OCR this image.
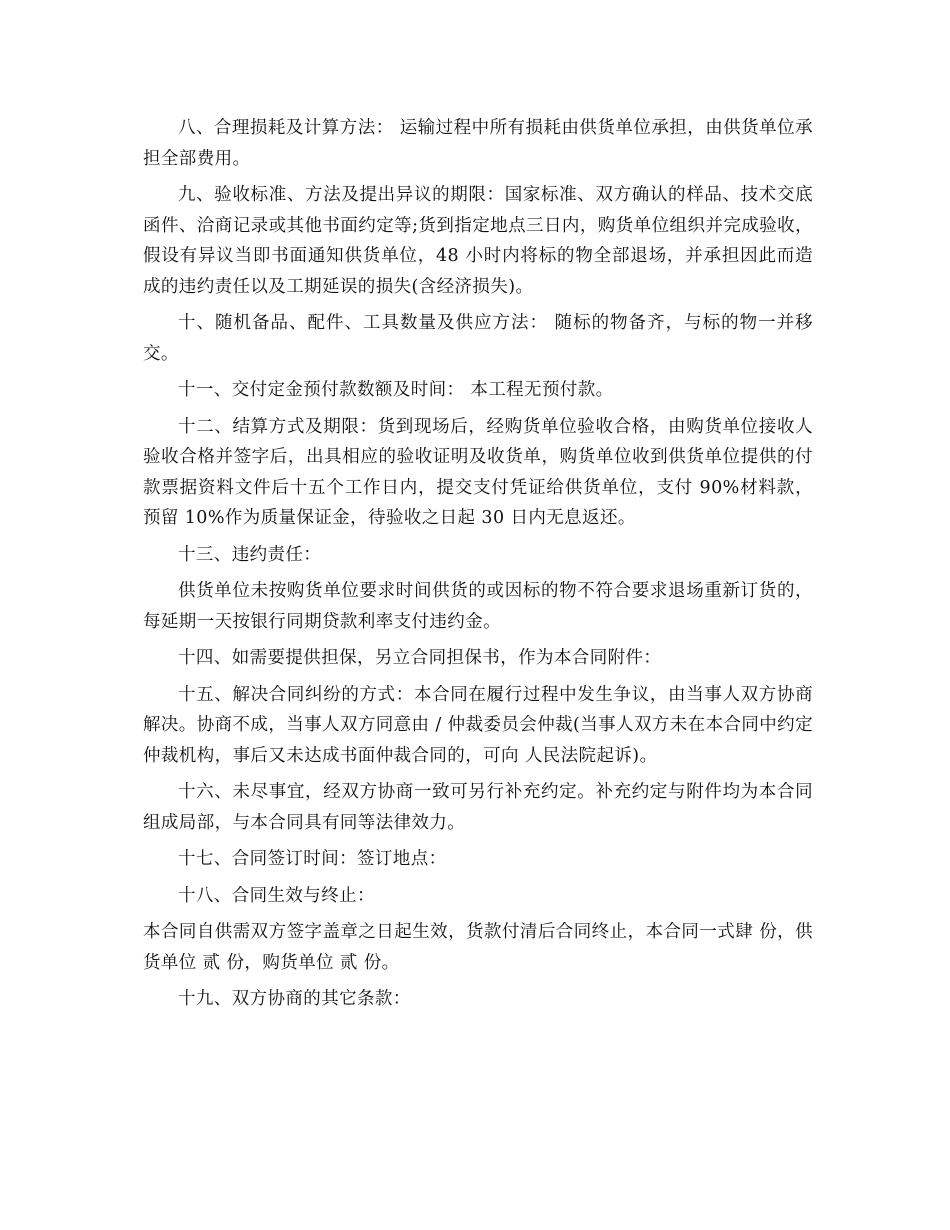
八、合理损耗及计算方法： 运输过程中所有损耗由供货单位承担，由供货单位承担全部费用。

九、验收标准、方法及提出异议的期限：国家标准、双方确认的样品、技术交底函件、洽商记录或其他书面约定等;货到指定地点三日内，购货单位组织并完成验收，假设有异议当即书面通知供货单位，48 小时内将标的物全部退场，并承担因此而造成的违约责任以及工期延误的损失(含经济损失)。

十、随机备品、配件、工具数量及供应方法： 随标的物备齐，与标的物一并移交。

十一、交付定金预付款数额及时间： 本工程无预付款。

十二、结算方式及期限：货到现场后，经购货单位验收合格，由购货单位接收人验收合格并签字后，出具相应的验收证明及收货单，购货单位收到供货单位提供的付款票据资料文件后十五个工作日内，提交支付凭证给供货单位，支付 90%材料款，预留 10%作为质量保证金，待验收之日起 30 日内无息返还。

十三、违约责任：

供货单位未按购货单位要求时间供货的或因标的物不符合要求退场重新订货的，每延期一天按银行同期贷款利率支付违约金。

十四、如需要提供担保，另立合同担保书，作为本合同附件：

十五、解决合同纠纷的方式：本合同在履行过程中发生争议，由当事人双方协商解决。协商不成，当事人双方同意由 / 仲裁委员会仲裁(当事人双方未在本合同中约定仲裁机构，事后又未达成书面仲裁合同的，可向 人民法院起诉)。

十六、未尽事宜，经双方协商一致可另行补充约定。补充约定与附件均为本合同组成局部，与本合同具有同等法律效力。

十七、合同签订时间：签订地点：

十八、合同生效与终止：

本合同自供需双方签字盖章之日起生效，货款付清后合同终止，本合同一式肆 份，供货单位 贰 份，购货单位 贰 份。

十九、双方协商的其它条款：
